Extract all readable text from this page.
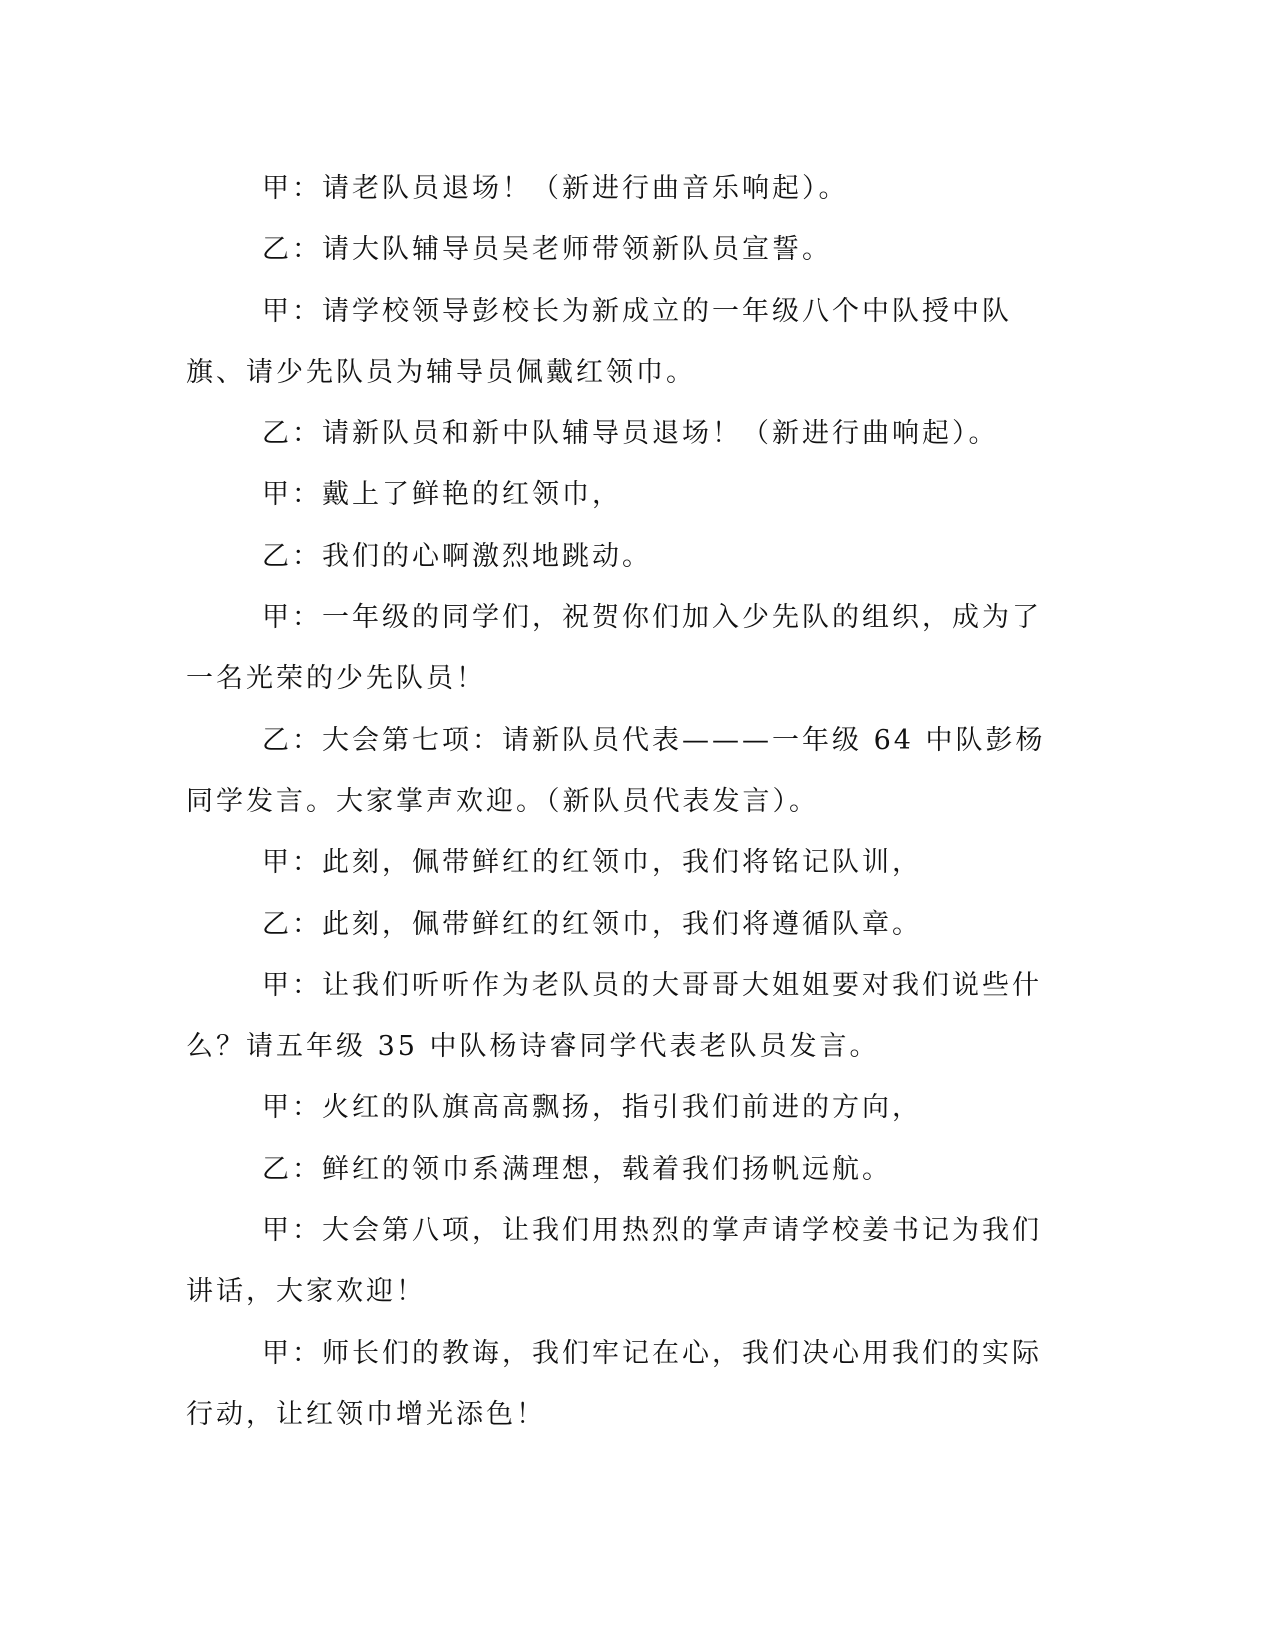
甲：请老队员退场！（新进行曲音乐响起）。

乙：请大队辅导员吴老师带领新队员宣誓。

甲：请学校领导彭校长为新成立的一年级八个中队授中队旗、请少先队员为辅导员佩戴红领巾。

乙：请新队员和新中队辅导员退场！（新进行曲响起）。

甲：戴上了鲜艳的红领巾，

乙：我们的心啊激烈地跳动。

甲：一年级的同学们，祝贺你们加入少先队的组织，成为了一名光荣的少先队员！

乙：大会第七项：请新队员代表———一年级 64 中队彭杨同学发言。大家掌声欢迎。（新队员代表发言）。

甲：此刻，佩带鲜红的红领巾，我们将铭记队训，

乙：此刻，佩带鲜红的红领巾，我们将遵循队章。

甲：让我们听听作为老队员的大哥哥大姐姐要对我们说些什么？请五年级 35 中队杨诗睿同学代表老队员发言。

甲：火红的队旗高高飘扬，指引我们前进的方向，

乙：鲜红的领巾系满理想，载着我们扬帆远航。

甲：大会第八项，让我们用热烈的掌声请学校姜书记为我们讲话，大家欢迎！

甲：师长们的教诲，我们牢记在心，我们决心用我们的实际行动，让红领巾增光添色！
